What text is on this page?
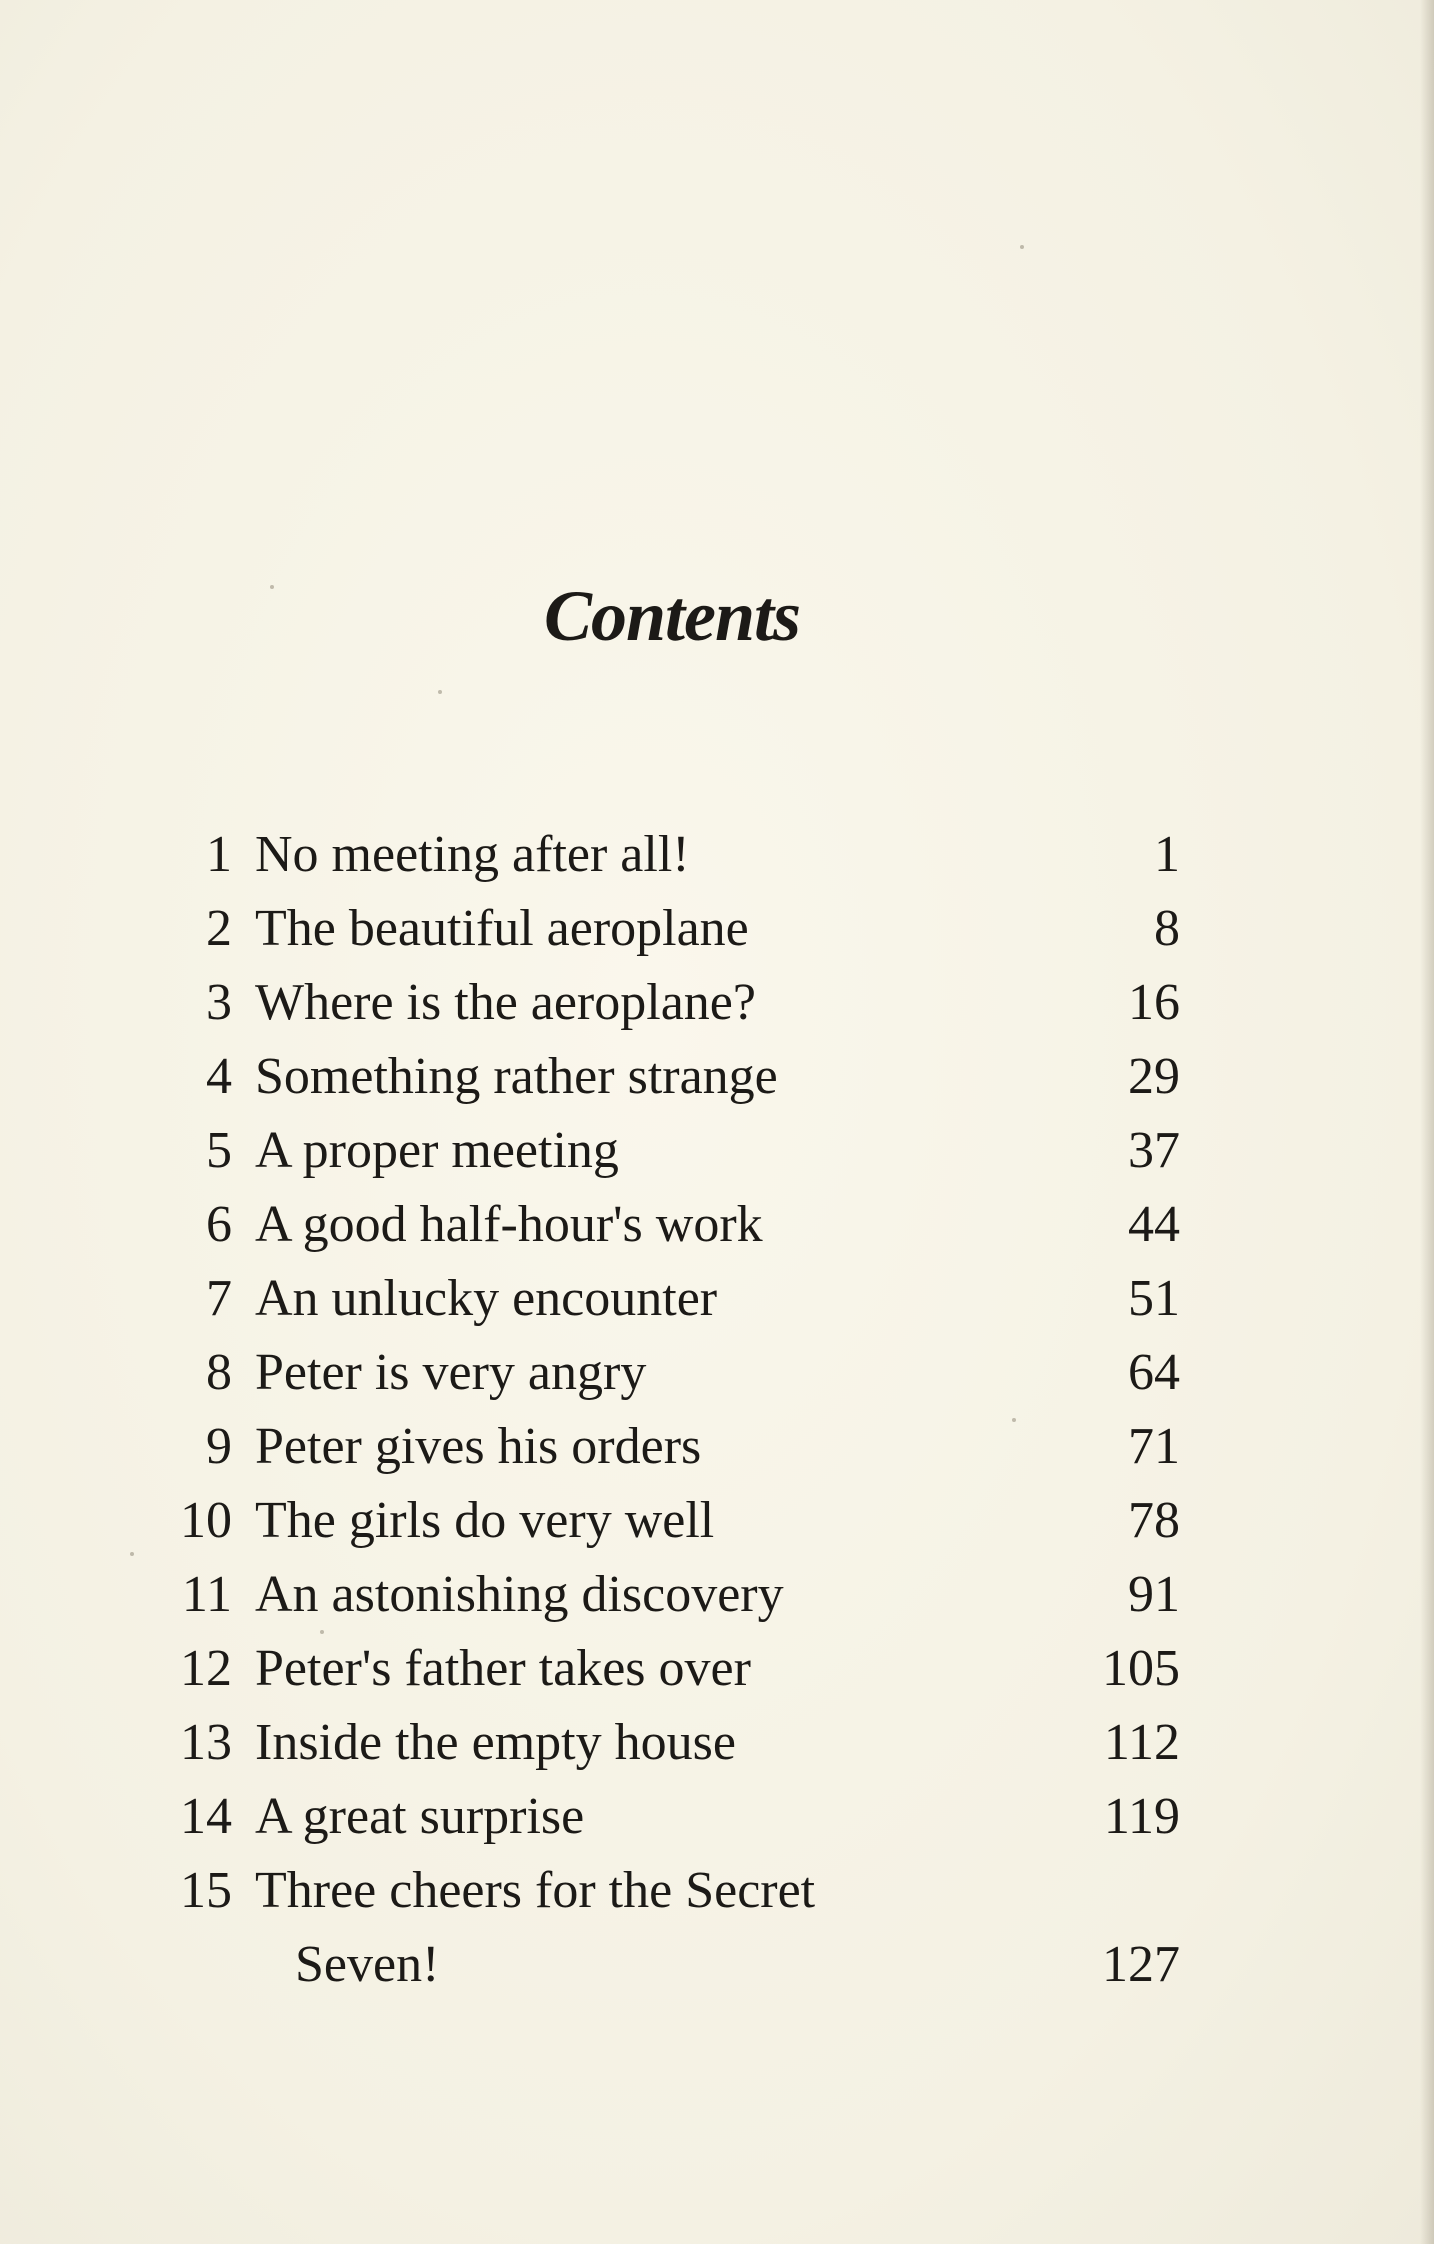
Contents
1 No meeting after all!	1
2 The beautiful aeroplane	8
3 Where is the aeroplane?	16
4 Something rather strange	29
5 A proper meeting	37
6 A good half-hour's work	44
7 An unlucky encounter	51
8 Peter is very angry	64
9 Peter gives his orders	71
10 The girls do very well	78
11 An astonishing discovery	91
12 Peter's father takes over	105
13 Inside the empty house	112
14 A great surprise	119
15 Three cheers for the Secret
Seven!	127
